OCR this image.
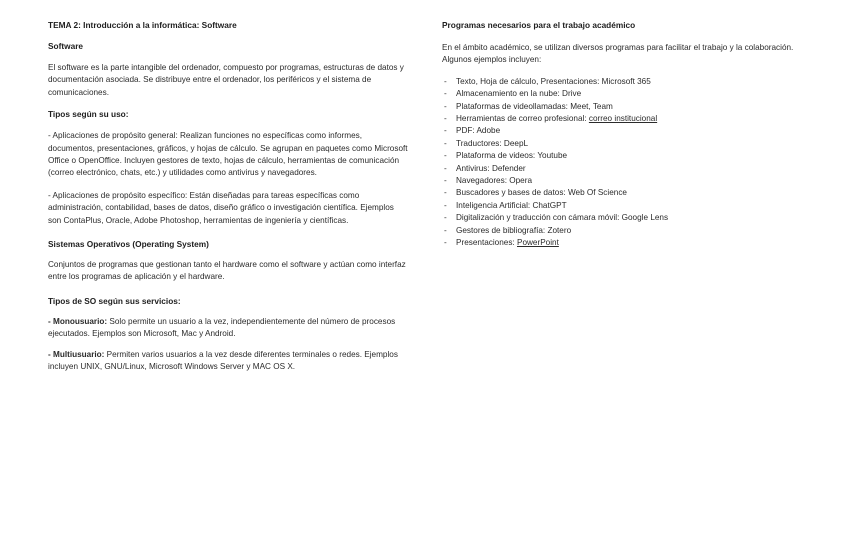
TEMA 2: Introducción a la informática: Software

Software

El software es la parte intangible del ordenador, compuesto por programas, estructuras de datos y documentación asociada. Se distribuye entre el ordenador, los periféricos y el sistema de comunicaciones.

Tipos según su uso:

- Aplicaciones de propósito general: Realizan funciones no específicas como informes, documentos, presentaciones, gráficos, y hojas de cálculo. Se agrupan en paquetes como Microsoft Office o OpenOffice. Incluyen gestores de texto, hojas de cálculo, herramientas de comunicación (correo electrónico, chats, etc.) y utilidades como antivirus y navegadores.

- Aplicaciones de propósito específico: Están diseñadas para tareas específicas como administración, contabilidad, bases de datos, diseño gráfico o investigación científica. Ejemplos son ContaPlus, Oracle, Adobe Photoshop, herramientas de ingeniería y científicas.

Sistemas Operativos (Operating System)

Conjuntos de programas que gestionan tanto el hardware como el software y actúan como interfaz entre los programas de aplicación y el hardware.

Tipos de SO según sus servicios:

- Monousuario: Solo permite un usuario a la vez, independientemente del número de procesos ejecutados. Ejemplos son Microsoft, Mac y Android.

- Multiusuario: Permiten varios usuarios a la vez desde diferentes terminales o redes. Ejemplos incluyen UNIX, GNU/Linux, Microsoft Windows Server y MAC OS X.

Programas necesarios para el trabajo académico

En el ámbito académico, se utilizan diversos programas para facilitar el trabajo y la colaboración. Algunos ejemplos incluyen:

- Texto, Hoja de cálculo, Presentaciones: Microsoft 365
- Almacenamiento en la nube: Drive
- Plataformas de videollamadas: Meet, Team
- Herramientas de correo profesional: correo institucional
- PDF: Adobe
- Traductores: DeepL
- Plataforma de videos: Youtube
- Antivirus: Defender
- Navegadores: Opera
- Buscadores y bases de datos: Web Of Science
- Inteligencia Artificial: ChatGPT
- Digitalización y traducción con cámara móvil: Google Lens
- Gestores de bibliografía: Zotero
- Presentaciones: PowerPoint
